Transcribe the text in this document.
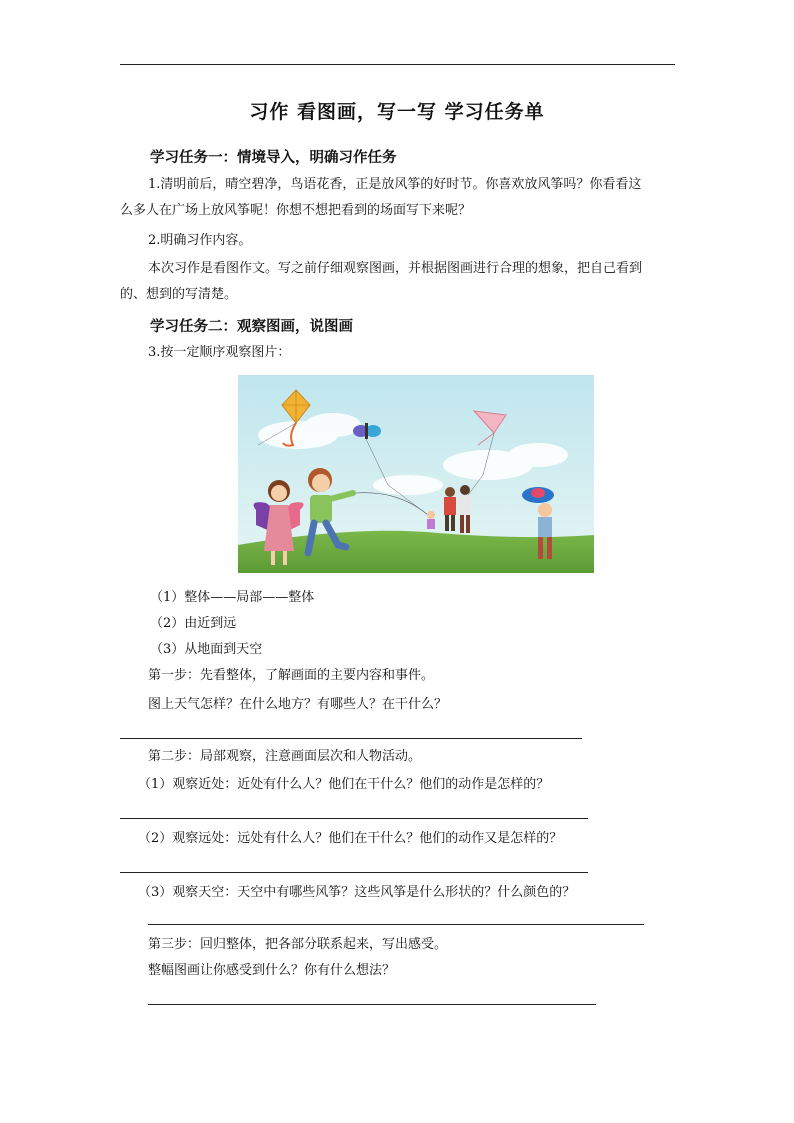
习作 看图画，写一写 学习任务单
学习任务一：情境导入，明确习作任务
1.清明前后，晴空碧净，鸟语花香，正是放风筝的好时节。你喜欢放风筝吗？你看看这
么多人在广场上放风筝呢！你想不想把看到的场面写下来呢？
2.明确习作内容。
本次习作是看图作文。写之前仔细观察图画，并根据图画进行合理的想象，把自己看到
的、想到的写清楚。
学习任务二：观察图画，说图画
3.按一定顺序观察图片：
（1）整体——局部——整体
（2）由近到远
（3）从地面到天空
第一步：先看整体，了解画面的主要内容和事件。
图上天气怎样？在什么地方？有哪些人？在干什么？
第二步：局部观察，注意画面层次和人物活动。
（1）观察近处：近处有什么人？他们在干什么？他们的动作是怎样的？
（2）观察远处：远处有什么人？他们在干什么？他们的动作又是怎样的？
（3）观察天空：天空中有哪些风筝？这些风筝是什么形状的？什么颜色的？
第三步：回归整体，把各部分联系起来，写出感受。
整幅图画让你感受到什么？你有什么想法？
